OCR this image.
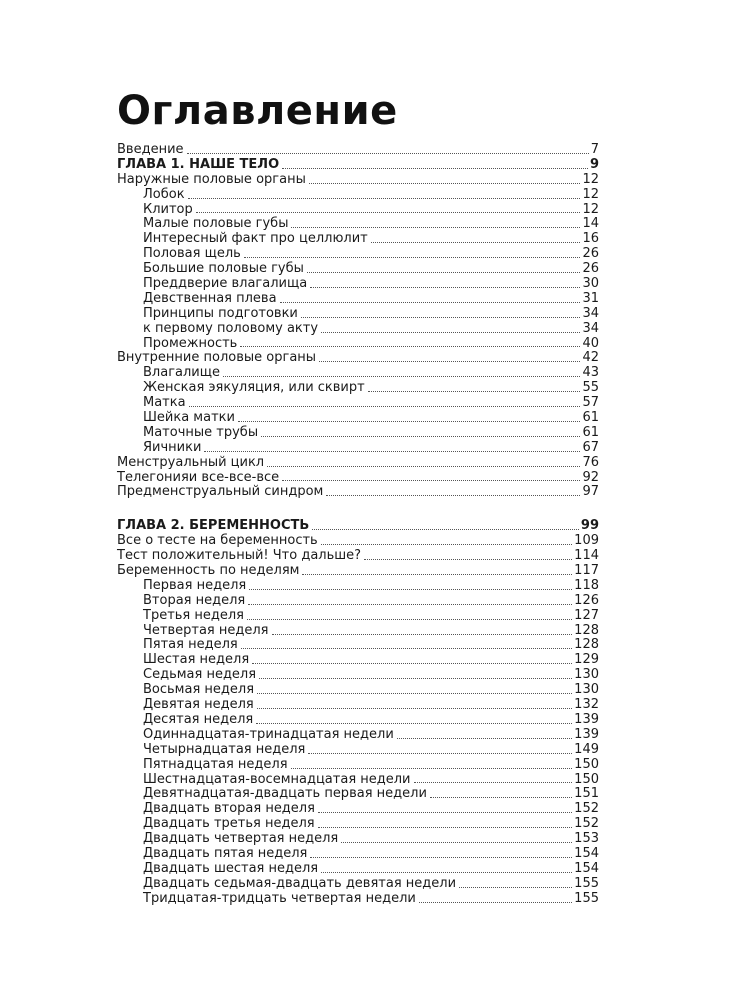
Оглавление
Введение	7
ГЛАВА 1. НАШЕ ТЕЛО	9
Наружные половые органы	12
Лобок	12
Клитор	12
Малые половые губы	14
Интересный факт про целлюлит	16
Половая щель	26
Большие половые губы	26
Преддверие влагалища	30
Девственная плева	31
Принципы подготовки	34
к первому половому акту	34
Промежность	40
Внутренние половые органы	42
Влагалище	43
Женская эякуляция, или сквирт	55
Матка	57
Шейка матки	61
Маточные трубы	61
Яичники	67
Менструальный цикл	76
Телегонияи все-все-все	92
Предменструальный синдром	97
ГЛАВА 2. БЕРЕМЕННОСТЬ	99
Все о тесте на беременность	109
Тест положительный! Что дальше?	114
Беременность по неделям	117
Первая неделя	118
Вторая неделя	126
Третья неделя	127
Четвертая неделя	128
Пятая неделя	128
Шестая неделя	129
Седьмая неделя	130
Восьмая неделя	130
Девятая неделя	132
Десятая неделя	139
Одиннадцатая-тринадцатая недели	139
Четырнадцатая неделя	149
Пятнадцатая неделя	150
Шестнадцатая-восемнадцатая недели	150
Девятнадцатая-двадцать первая недели	151
Двадцать вторая неделя	152
Двадцать третья неделя	152
Двадцать четвертая неделя	153
Двадцать пятая неделя	154
Двадцать шестая неделя	154
Двадцать седьмая-двадцать девятая недели	155
Тридцатая-тридцать четвертая недели	155
